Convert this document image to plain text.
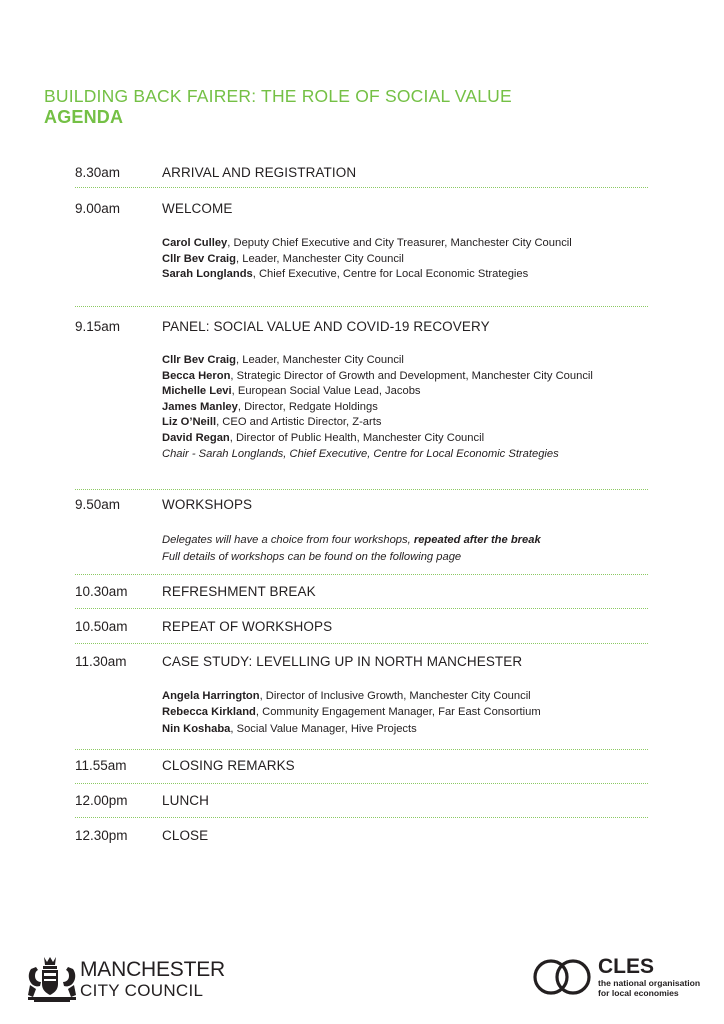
BUILDING BACK FAIRER: THE ROLE OF SOCIAL VALUE
AGENDA
8.30am	ARRIVAL AND REGISTRATION
9.00am	WELCOME
Carol Culley, Deputy Chief Executive and City Treasurer, Manchester City Council
Cllr Bev Craig, Leader, Manchester City Council
Sarah Longlands, Chief Executive, Centre for Local Economic Strategies
9.15am	PANEL: SOCIAL VALUE AND COVID-19 RECOVERY
Cllr Bev Craig, Leader, Manchester City Council
Becca Heron, Strategic Director of Growth and Development, Manchester City Council
Michelle Levi, European Social Value Lead, Jacobs
James Manley, Director, Redgate Holdings
Liz O’Neill, CEO and Artistic Director, Z-arts
David Regan, Director of Public Health, Manchester City Council
Chair - Sarah Longlands, Chief Executive, Centre for Local Economic Strategies
9.50am	WORKSHOPS
Delegates will have a choice from four workshops, repeated after the break
Full details of workshops can be found on the following page
10.30am	REFRESHMENT BREAK
10.50am	REPEAT OF WORKSHOPS
11.30am	CASE STUDY: LEVELLING UP IN NORTH MANCHESTER
Angela Harrington, Director of Inclusive Growth, Manchester City Council
Rebecca Kirkland, Community Engagement Manager, Far East Consortium
Nin Koshaba, Social Value Manager, Hive Projects
11.55am	CLOSING REMARKS
12.00pm	LUNCH
12.30pm	CLOSE
MANCHESTER
CITY COUNCIL
CLES
the national organisation
for local economies
